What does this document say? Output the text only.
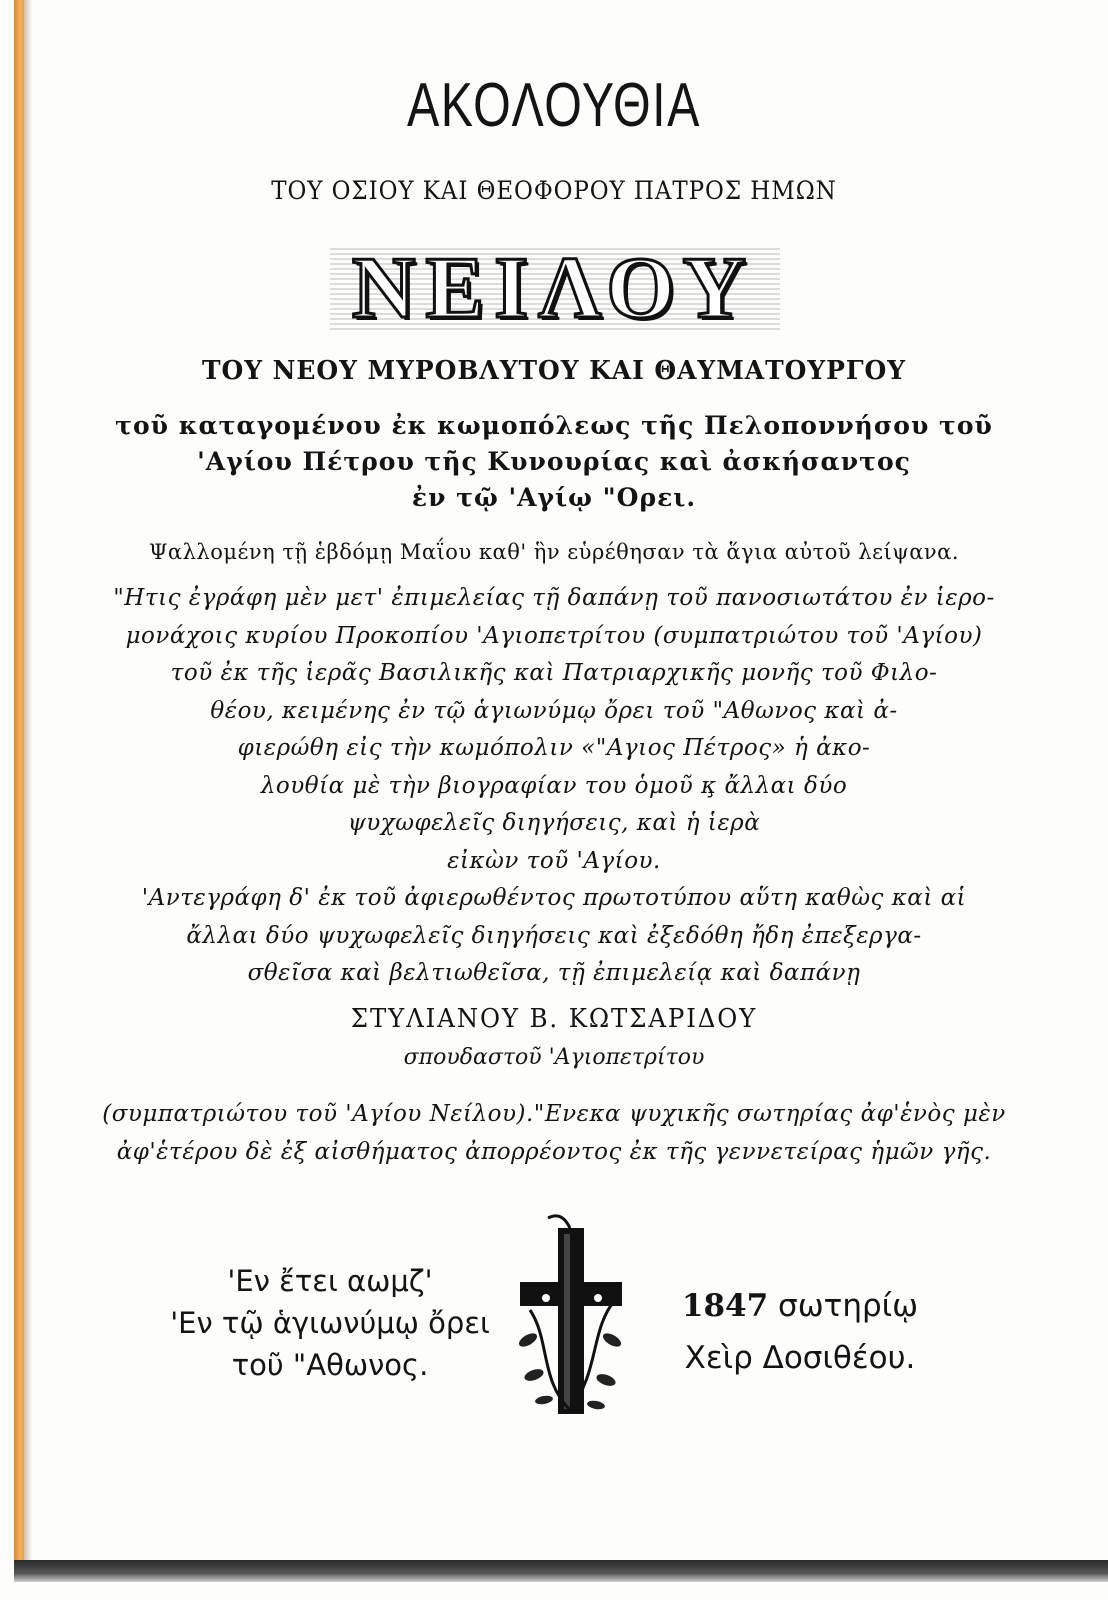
ΑΚΟΛΟΥΘΙΑ
ΤΟΥ ΟΣΙΟΥ ΚΑΙ ΘΕΟΦΟΡΟΥ ΠΑΤΡΟΣ ΗΜΩΝ
ΝΕΙΛΟΥ
ΤΟΥ ΝΕΟΥ ΜΥΡΟΒΛΥΤΟΥ ΚΑΙ ΘΑΥΜΑΤΟΥΡΓΟΥ
τοῦ καταγομένου ἐκ κωμοπόλεως τῆς Πελοποννήσου τοῦ
'Αγίου Πέτρου τῆς Κυνουρίας καὶ ἀσκήσαντος
ἐν τῷ 'Αγίῳ "Ορει.
Ψαλλομένη τῇ ἑβδόμῃ Μαΐου καθ' ἣν εὑρέθησαν τὰ ἅγια αὐτοῦ λείψανα.
"Ητις ἐγράφη μὲν μετ' ἐπιμελείας τῇ δαπάνῃ τοῦ πανοσιωτάτου ἐν ἱερο-
μονάχοις κυρίου Προκοπίου 'Αγιοπετρίτου (συμπατριώτου τοῦ 'Αγίου)
τοῦ ἐκ τῆς ἱερᾶς Βασιλικῆς καὶ Πατριαρχικῆς μονῆς τοῦ Φιλο-
θέου, κειμένης ἐν τῷ ἁγιωνύμῳ ὄρει τοῦ "Αθωνος καὶ ἀ-
φιερώθη εἰς τὴν κωμόπολιν «"Αγιος Πέτρος» ἡ ἀκο-
λουθία μὲ τὴν βιογραφίαν του ὁμοῦ κ̧ ἄλλαι δύο
ψυχωφελεῖς διηγήσεις, καὶ ἡ ἱερὰ
εἰκὼν τοῦ 'Αγίου.
'Αντεγράφη δ' ἐκ τοῦ ἀφιερωθέντος πρωτοτύπου αὕτη καθὼς καὶ αἱ
ἄλλαι δύο ψυχωφελεῖς διηγήσεις καὶ ἐξεδόθη ἤδη ἐπεξεργα-
σθεῖσα καὶ βελτιωθεῖσα, τῇ ἐπιμελείᾳ καὶ δαπάνῃ
ΣΤΥΛΙΑΝΟΥ Β. ΚΩΤΣΑΡΙΔΟΥ
σπουδαστοῦ 'Αγιοπετρίτου
(συμπατριώτου τοῦ 'Αγίου Νείλου)."Ενεκα ψυχικῆς σωτηρίας ἀφ'ἑνὸς μὲν
ἀφ'ἑτέρου δὲ ἐξ αἰσθήματος ἀπορρέοντος ἐκ τῆς γεννετείρας ἡμῶν γῆς.
'Εν ἔτει αωμζ'
'Εν τῷ ἁγιωνύμῳ ὄρει
τοῦ "Αθωνος.
1847 σωτηρίῳ
Χεὶρ Δοσιθέου.
